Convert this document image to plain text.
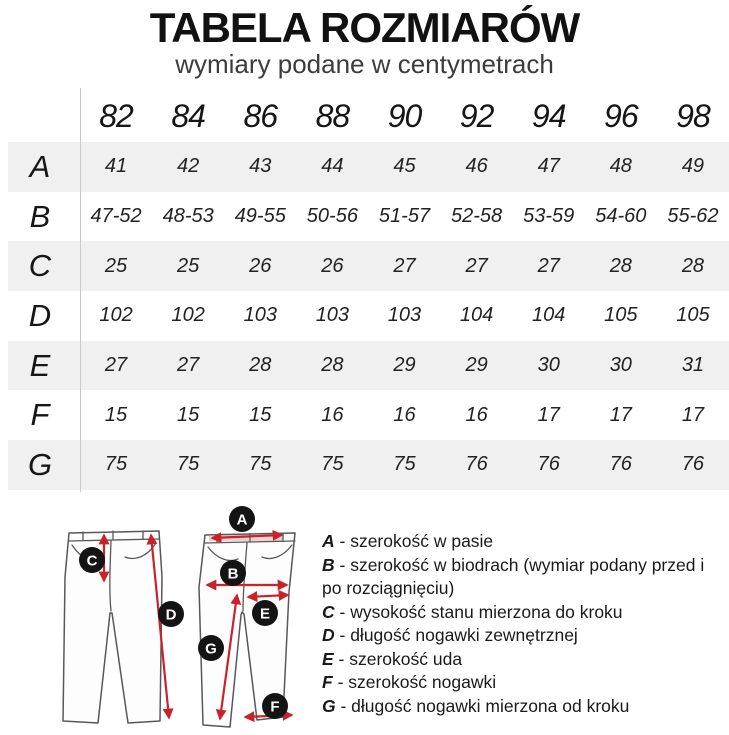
TABELA ROZMIARÓW
wymiary podane w centymetrach
82	84	86	88	90	92	94	96	98
A	41	42	43	44	45	46	47	48	49
B	47-52	48-53	49-55	50-56	51-57	52-58	53-59	54-60	55-62
C	25	25	26	26	27	27	27	28	28
D	102	102	103	103	103	104	104	105	105
E	27	27	28	28	29	29	30	30	31
F	15	15	15	16	16	16	17	17	17
G	75	75	75	75	75	76	76	76	76
A
B
C
D	E
F
G
A - szerokość w pasie
B - szerokość w biodrach (wymiar podany przed i po rozciągnięciu)
C - wysokość stanu mierzona do kroku
D - długość nogawki zewnętrznej
E - szerokość uda
F - szerokość nogawki
G - długość nogawki mierzona od kroku
